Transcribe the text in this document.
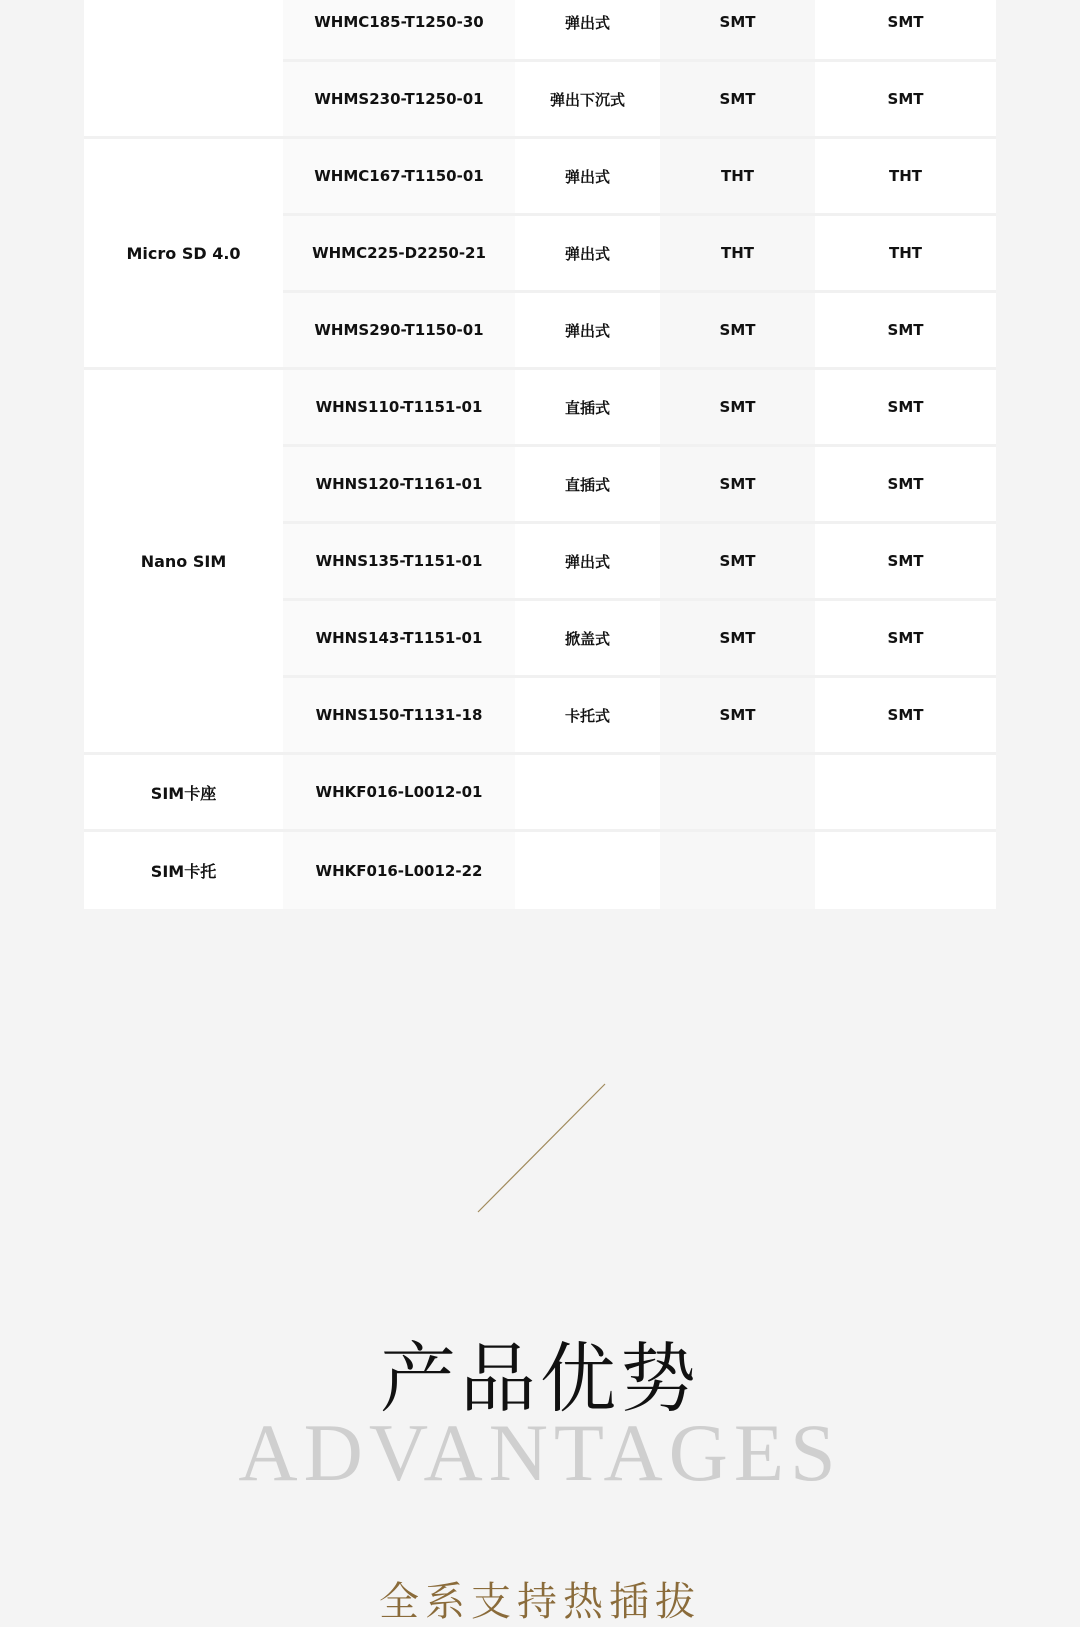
WHMC185-T1250-30	弹出式	SMT	SMT
WHMS230-T1250-01	弹出下沉式	SMT	SMT
Micro SD 4.0
WHMC167-T1150-01	弹出式	THT	THT
WHMC225-D2250-21	弹出式	THT	THT
WHMS290-T1150-01	弹出式	SMT	SMT
Nano SIM
WHNS110-T1151-01	直插式	SMT	SMT
WHNS120-T1161-01	直插式	SMT	SMT
WHNS135-T1151-01	弹出式	SMT	SMT
WHNS143-T1151-01	掀盖式	SMT	SMT
WHNS150-T1131-18	卡托式	SMT	SMT
SIM卡座	WHKF016-L0012-01
SIM卡托	WHKF016-L0012-22
产品优势
ADVANTAGES
全系支持热插拔
